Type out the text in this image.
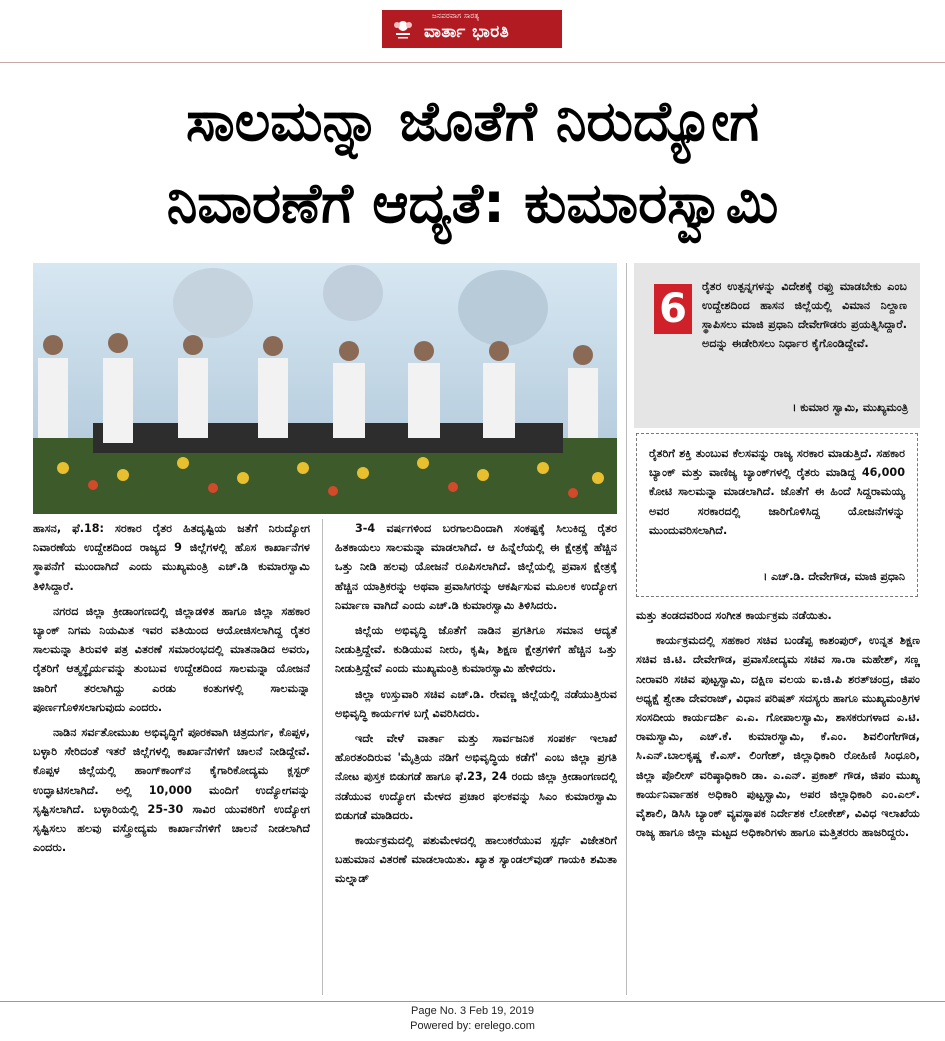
ಜನಪರವಾಗ ಸಾರತ್ಯ
ವಾರ್ತಾ ಭಾರತಿ
ಸಾಲಮನ್ನಾ ಜೊತೆಗೆ ನಿರುದ್ಯೋಗ
ನಿವಾರಣೆಗೆ ಆದ್ಯತೆ: ಕುಮಾರಸ್ವಾಮಿ
6	ರೈತರ ಉತ್ಪನ್ನಗಳನ್ನು ವಿದೇಶಕ್ಕೆ ರಫ್ತು ಮಾಡಬೇಕು ಎಂಬ ಉದ್ದೇಶದಿಂದ ಹಾಸನ ಜಿಲ್ಲೆಯಲ್ಲಿ ವಿಮಾನ ನಿಲ್ದಾಣ ಸ್ಥಾಪಿಸಲು ಮಾಜಿ ಪ್ರಧಾನಿ ದೇವೇಗೌಡರು ಪ್ರಯತ್ನಿಸಿದ್ದಾರೆ. ಅದನ್ನು ಈಡೇರಿಸಲು ನಿರ್ಧಾರ ಕೈಗೊಂಡಿದ್ದೇವೆ.
। ಕುಮಾರ ಸ್ವಾಮಿ, ಮುಖ್ಯಮಂತ್ರಿ
ರೈತರಿಗೆ ಶಕ್ತಿ ತುಂಬುವ ಕೆಲಸವನ್ನು ರಾಜ್ಯ ಸರಕಾರ ಮಾಡುತ್ತಿದೆ. ಸಹಕಾರ ಬ್ಯಾಂಕ್ ಮತ್ತು ವಾಣಿಜ್ಯ ಬ್ಯಾಂಕ್‌ಗಳಲ್ಲಿ ರೈತರು ಮಾಡಿದ್ದ 46,000 ಕೋಟಿ ಸಾಲಮನ್ನಾ ಮಾಡಲಾಗಿದೆ. ಜೊತೆಗೆ ಈ ಹಿಂದೆ ಸಿದ್ದರಾಮಯ್ಯ ಅವರ ಸರಕಾರದಲ್ಲಿ ಜಾರಿಗೊಳಿಸಿದ್ದ ಯೋಜನೆಗಳನ್ನು ಮುಂದುವರಿಸಲಾಗಿದೆ.
। ಎಚ್.ಡಿ. ದೇವೇಗೌಡ, ಮಾಜಿ ಪ್ರಧಾನಿ

ಹಾಸನ, ಫೆ.18: ಸರಕಾರ ರೈತರ ಹಿತದೃಷ್ಟಿಯ ಜತೆಗೆ ನಿರುದ್ಯೋಗ ನಿವಾರಣೆಯ ಉದ್ದೇಶದಿಂದ ರಾಜ್ಯದ 9 ಜಿಲ್ಲೆಗಳಲ್ಲಿ ಹೊಸ ಕಾರ್ಖಾನೆಗಳ ಸ್ಥಾಪನೆಗೆ ಮುಂದಾಗಿದೆ ಎಂದು ಮುಖ್ಯಮಂತ್ರಿ ಎಚ್.ಡಿ ಕುಮಾರಸ್ವಾಮಿ ತಿಳಿಸಿದ್ದಾರೆ.

ನಗರದ ಜಿಲ್ಲಾ ಕ್ರೀಡಾಂಗಣದಲ್ಲಿ ಜಿಲ್ಲಾಡಳಿತ ಹಾಗೂ ಜಿಲ್ಲಾ ಸಹಕಾರ ಬ್ಯಾಂಕ್ ನಿಗಮ ನಿಯಮಿತ ಇವರ ವತಿಯಿಂದ ಆಯೋಜಿಸಲಾಗಿದ್ದ ರೈತರ ಸಾಲಮನ್ನಾ ತಿರುವಳಿ ಪತ್ರ ವಿತರಣೆ ಸಮಾರಂಭದಲ್ಲಿ ಮಾತನಾಡಿದ ಅವರು, ರೈತರಿಗೆ ಆತ್ಮಸ್ಥೈರ್ಯವನ್ನು ತುಂಬುವ ಉದ್ದೇಶದಿಂದ ಸಾಲಮನ್ನಾ ಯೋಜನೆ ಜಾರಿಗೆ ತರಲಾಗಿದ್ದು ಎರಡು ಕಂತುಗಳಲ್ಲಿ ಸಾಲಮನ್ನಾ ಪೂರ್ಣಗೊಳಿಸಲಾಗುವುದು ಎಂದರು.

ನಾಡಿನ ಸರ್ವತೋಮುಖ ಅಭಿವೃದ್ಧಿಗೆ ಪೂರಕವಾಗಿ ಚಿತ್ರದುರ್ಗ, ಕೊಪ್ಪಳ, ಬಳ್ಳಾರಿ ಸೇರಿದಂತೆ ಇತರೆ ಜಿಲ್ಲೆಗಳಲ್ಲಿ ಕಾರ್ಖಾನೆಗಳಿಗೆ ಚಾಲನೆ ನೀಡಿದ್ದೇವೆ. ಕೊಪ್ಪಳ ಜಿಲ್ಲೆಯಲ್ಲಿ ಹಾಂಗ್‌ಕಾಂಗ್‌ನ ಕೈಗಾರಿಕೋದ್ಯಮ ಕ್ಲಸ್ಟರ್ ಉದ್ಘಾಟಿಸಲಾಗಿದೆ. ಅಲ್ಲಿ 10,000 ಮಂದಿಗೆ ಉದ್ಯೋಗವನ್ನು ಸೃಷ್ಟಿಸಲಾಗಿದೆ. ಬಳ್ಳಾರಿಯಲ್ಲಿ 25-30 ಸಾವಿರ ಯುವಕರಿಗೆ ಉದ್ಯೋಗ ಸೃಷ್ಟಿಸಲು ಹಲವು ವಸ್ತ್ರೋದ್ಯಮ ಕಾರ್ಖಾನೆಗಳಿಗೆ ಚಾಲನೆ ನೀಡಲಾಗಿದೆ ಎಂದರು.

3-4 ವರ್ಷಗಳಿಂದ ಬರಗಾಲದಿಂದಾಗಿ ಸಂಕಷ್ಟಕ್ಕೆ ಸಿಲುಕಿದ್ದ ರೈತರ ಹಿತಕಾಯಲು ಸಾಲಮನ್ನಾ ಮಾಡಲಾಗಿದೆ. ಆ ಹಿನ್ನೆಲೆಯಲ್ಲಿ ಈ ಕ್ಷೇತ್ರಕ್ಕೆ ಹೆಚ್ಚಿನ ಒತ್ತು ನೀಡಿ ಹಲವು ಯೋಜನೆ ರೂಪಿಸಲಾಗಿದೆ. ಜಿಲ್ಲೆಯಲ್ಲಿ ಪ್ರವಾಸ ಕ್ಷೇತ್ರಕ್ಕೆ ಹೆಚ್ಚಿನ ಯಾತ್ರಿಕರನ್ನು ಅಥವಾ ಪ್ರವಾಸಿಗರನ್ನು ಆಕರ್ಷಿಸುವ ಮೂಲಕ ಉದ್ಯೋಗ ನಿರ್ಮಾಣ ವಾಗಿದೆ ಎಂದು ಎಚ್.ಡಿ ಕುಮಾರಸ್ವಾಮಿ ತಿಳಿಸಿದರು.

ಜಿಲ್ಲೆಯ ಅಭಿವೃದ್ಧಿ ಜೊತೆಗೆ ನಾಡಿನ ಪ್ರಗತಿಗೂ ಸಮಾನ ಆದ್ಯತೆ ನೀಡುತ್ತಿದ್ದೇವೆ. ಕುಡಿಯುವ ನೀರು, ಕೃಷಿ, ಶಿಕ್ಷಣ ಕ್ಷೇತ್ರಗಳಿಗೆ ಹೆಚ್ಚಿನ ಒತ್ತು ನೀಡುತ್ತಿದ್ದೇವೆ ಎಂದು ಮುಖ್ಯಮಂತ್ರಿ ಕುಮಾರಸ್ವಾಮಿ ಹೇಳಿದರು.

ಜಿಲ್ಲಾ ಉಸ್ತುವಾರಿ ಸಚಿವ ಎಚ್.ಡಿ. ರೇವಣ್ಣ ಜಿಲ್ಲೆಯಲ್ಲಿ ನಡೆಯುತ್ತಿರುವ ಅಭಿವೃದ್ಧಿ ಕಾರ್ಯಗಳ ಬಗ್ಗೆ ವಿವರಿಸಿದರು.

ಇದೇ ವೇಳೆ ವಾರ್ತಾ ಮತ್ತು ಸಾರ್ವಜನಿಕ ಸಂಪರ್ಕ ಇಲಾಖೆ ಹೊರತಂದಿರುವ 'ಮೈತ್ರಿಯ ನಡಿಗೆ ಅಭಿವೃದ್ಧಿಯ ಕಡೆಗೆ' ಎಂಬ ಜಿಲ್ಲಾ ಪ್ರಗತಿ ನೋಟ ಪುಸ್ತಕ ಬಿಡುಗಡೆ ಹಾಗೂ ಫೆ.23, 24 ರಂದು ಜಿಲ್ಲಾ ಕ್ರೀಡಾಂಗಣದಲ್ಲಿ ನಡೆಯುವ ಉದ್ಯೋಗ ಮೇಳದ ಪ್ರಚಾರ ಫಲಕವನ್ನು ಸಿಎಂ ಕುಮಾರಸ್ವಾಮಿ ಬಿಡುಗಡೆ ಮಾಡಿದರು.

ಕಾರ್ಯಕ್ರಮದಲ್ಲಿ ಪಶುಮೇಳದಲ್ಲಿ ಹಾಲುಕರೆಯುವ ಸ್ಪರ್ಧೆ ವಿಜೇತರಿಗೆ ಬಹುಮಾನ ವಿತರಣೆ ಮಾಡಲಾಯಿತು. ಖ್ಯಾತ ಸ್ಯಾಂಡಲ್‌ವುಡ್ ಗಾಯಕಿ ಶಮಿತಾ ಮಲ್ನಾಡ್

ಮತ್ತು ತಂಡದವರಿಂದ ಸಂಗೀತ ಕಾರ್ಯಕ್ರಮ ನಡೆಯಿತು.

ಕಾರ್ಯಕ್ರಮದಲ್ಲಿ ಸಹಕಾರ ಸಚಿವ ಬಂಡೆಪ್ಪ ಕಾಶಂಪುರ್, ಉನ್ನತ ಶಿಕ್ಷಣ ಸಚಿವ ಜಿ.ಟಿ. ದೇವೇಗೌಡ, ಪ್ರವಾಸೋದ್ಯಮ ಸಚಿವ ಸಾ.ರಾ ಮಹೇಶ್, ಸಣ್ಣ ನೀರಾವರಿ ಸಚಿವ ಪುಟ್ಟಸ್ವಾಮಿ, ದಕ್ಷಿಣ ವಲಯ ಐ.ಜಿ.ಪಿ ಶರತ್‌ಚಂದ್ರ, ಜಿಪಂ ಅಧ್ಯಕ್ಷೆ ಶ್ವೇತಾ ದೇವರಾಜ್, ವಿಧಾನ ಪರಿಷತ್ ಸದಸ್ಯರು ಹಾಗೂ ಮುಖ್ಯಮಂತ್ರಿಗಳ ಸಂಸದೀಯ ಕಾರ್ಯದರ್ಶಿ ಎ.ಎ. ಗೋಪಾಲಸ್ವಾಮಿ, ಶಾಸಕರುಗಳಾದ ಎ.ಟಿ. ರಾಮಸ್ವಾಮಿ, ಎಚ್.ಕೆ. ಕುಮಾರಸ್ವಾಮಿ, ಕೆ.ಎಂ. ಶಿವಲಿಂಗೇಗೌಡ, ಸಿ.ಎನ್.ಬಾಲಕೃಷ್ಣ ಕೆ.ಎಸ್. ಲಿಂಗೇಶ್, ಜಿಲ್ಲಾಧಿಕಾರಿ ರೋಹಿಣಿ ಸಿಂಧೂರಿ, ಜಿಲ್ಲಾ ಪೊಲೀಸ್ ವರಿಷ್ಠಾಧಿಕಾರಿ ಡಾ. ಎ.ಎನ್. ಪ್ರಕಾಶ್ ಗೌಡ, ಜಿಪಂ ಮುಖ್ಯ ಕಾರ್ಯನಿರ್ವಾಹಕ ಅಧಿಕಾರಿ ಪುಟ್ಟಸ್ವಾಮಿ, ಅಪರ ಜಿಲ್ಲಾಧಿಕಾರಿ ಎಂ.ಎಲ್. ವೈಶಾಲಿ, ಡಿಸಿಸಿ ಬ್ಯಾಂಕ್ ವ್ಯವಸ್ಥಾಪಕ ನಿರ್ದೇಶಕ ಲೋಕೇಶ್, ವಿವಿಧ ಇಲಾಖೆಯ ರಾಜ್ಯ ಹಾಗೂ ಜಿಲ್ಲಾ ಮಟ್ಟದ ಅಧಿಕಾರಿಗಳು ಹಾಗೂ ಮತ್ತಿತರರು ಹಾಜರಿದ್ದರು.

Page No. 3 Feb 19, 2019
Powered by: erelego.com
